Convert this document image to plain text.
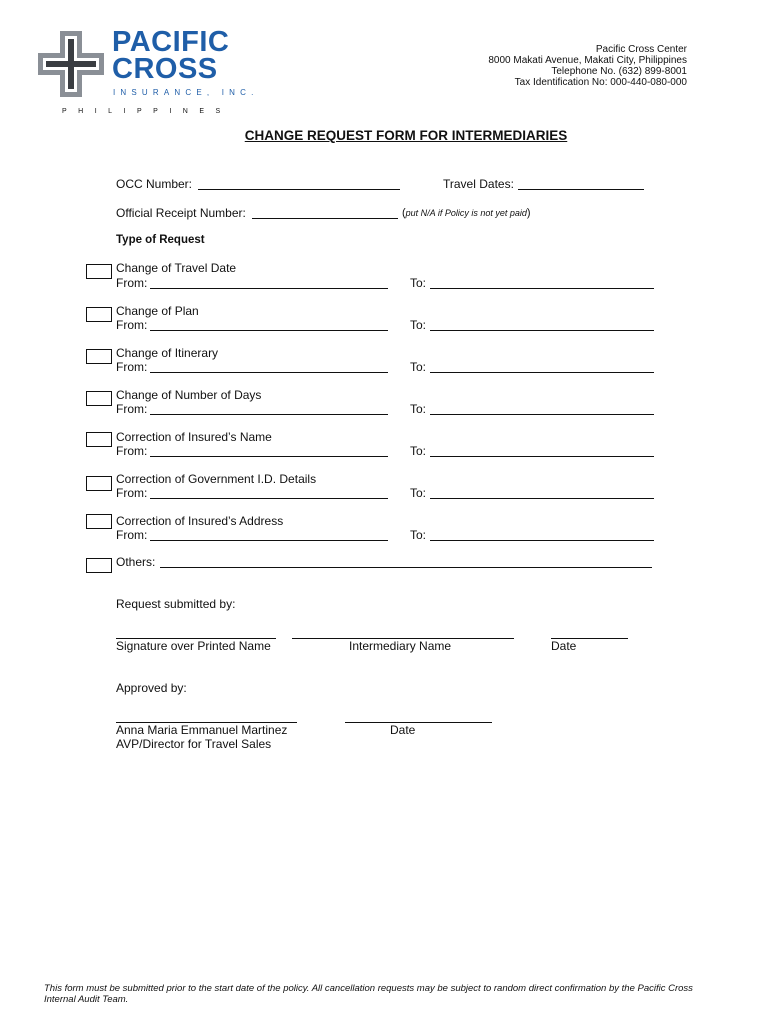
PACIFIC
CROSS
INSURANCE, INC.
PHILIPPINES
Pacific Cross Center
8000 Makati Avenue, Makati City, Philippines
Telephone No. (632) 899-8001
Tax Identification No: 000-440-080-000
CHANGE REQUEST FORM FOR INTERMEDIARIES
OCC Number:	Travel Dates:
Official Receipt Number:	(put N/A if Policy is not yet paid)
Type of Request
Change of Travel Date
From:	To:
Change of Plan
From:	To:
Change of Itinerary
From:	To:
Change of Number of Days
From:	To:
Correction of Insured’s Name
From:	To:
Correction of Government I.D. Details
From:	To:
Correction of Insured’s Address
From:	To:
Others:
Request submitted by:
Signature over Printed Name	Intermediary Name	Date
Approved by:
Anna Maria Emmanuel Martinez	Date
AVP/Director for Travel Sales
This form must be submitted prior to the start date of the policy. All cancellation requests may be subject to random direct confirmation by the Pacific Cross Internal Audit Team.
